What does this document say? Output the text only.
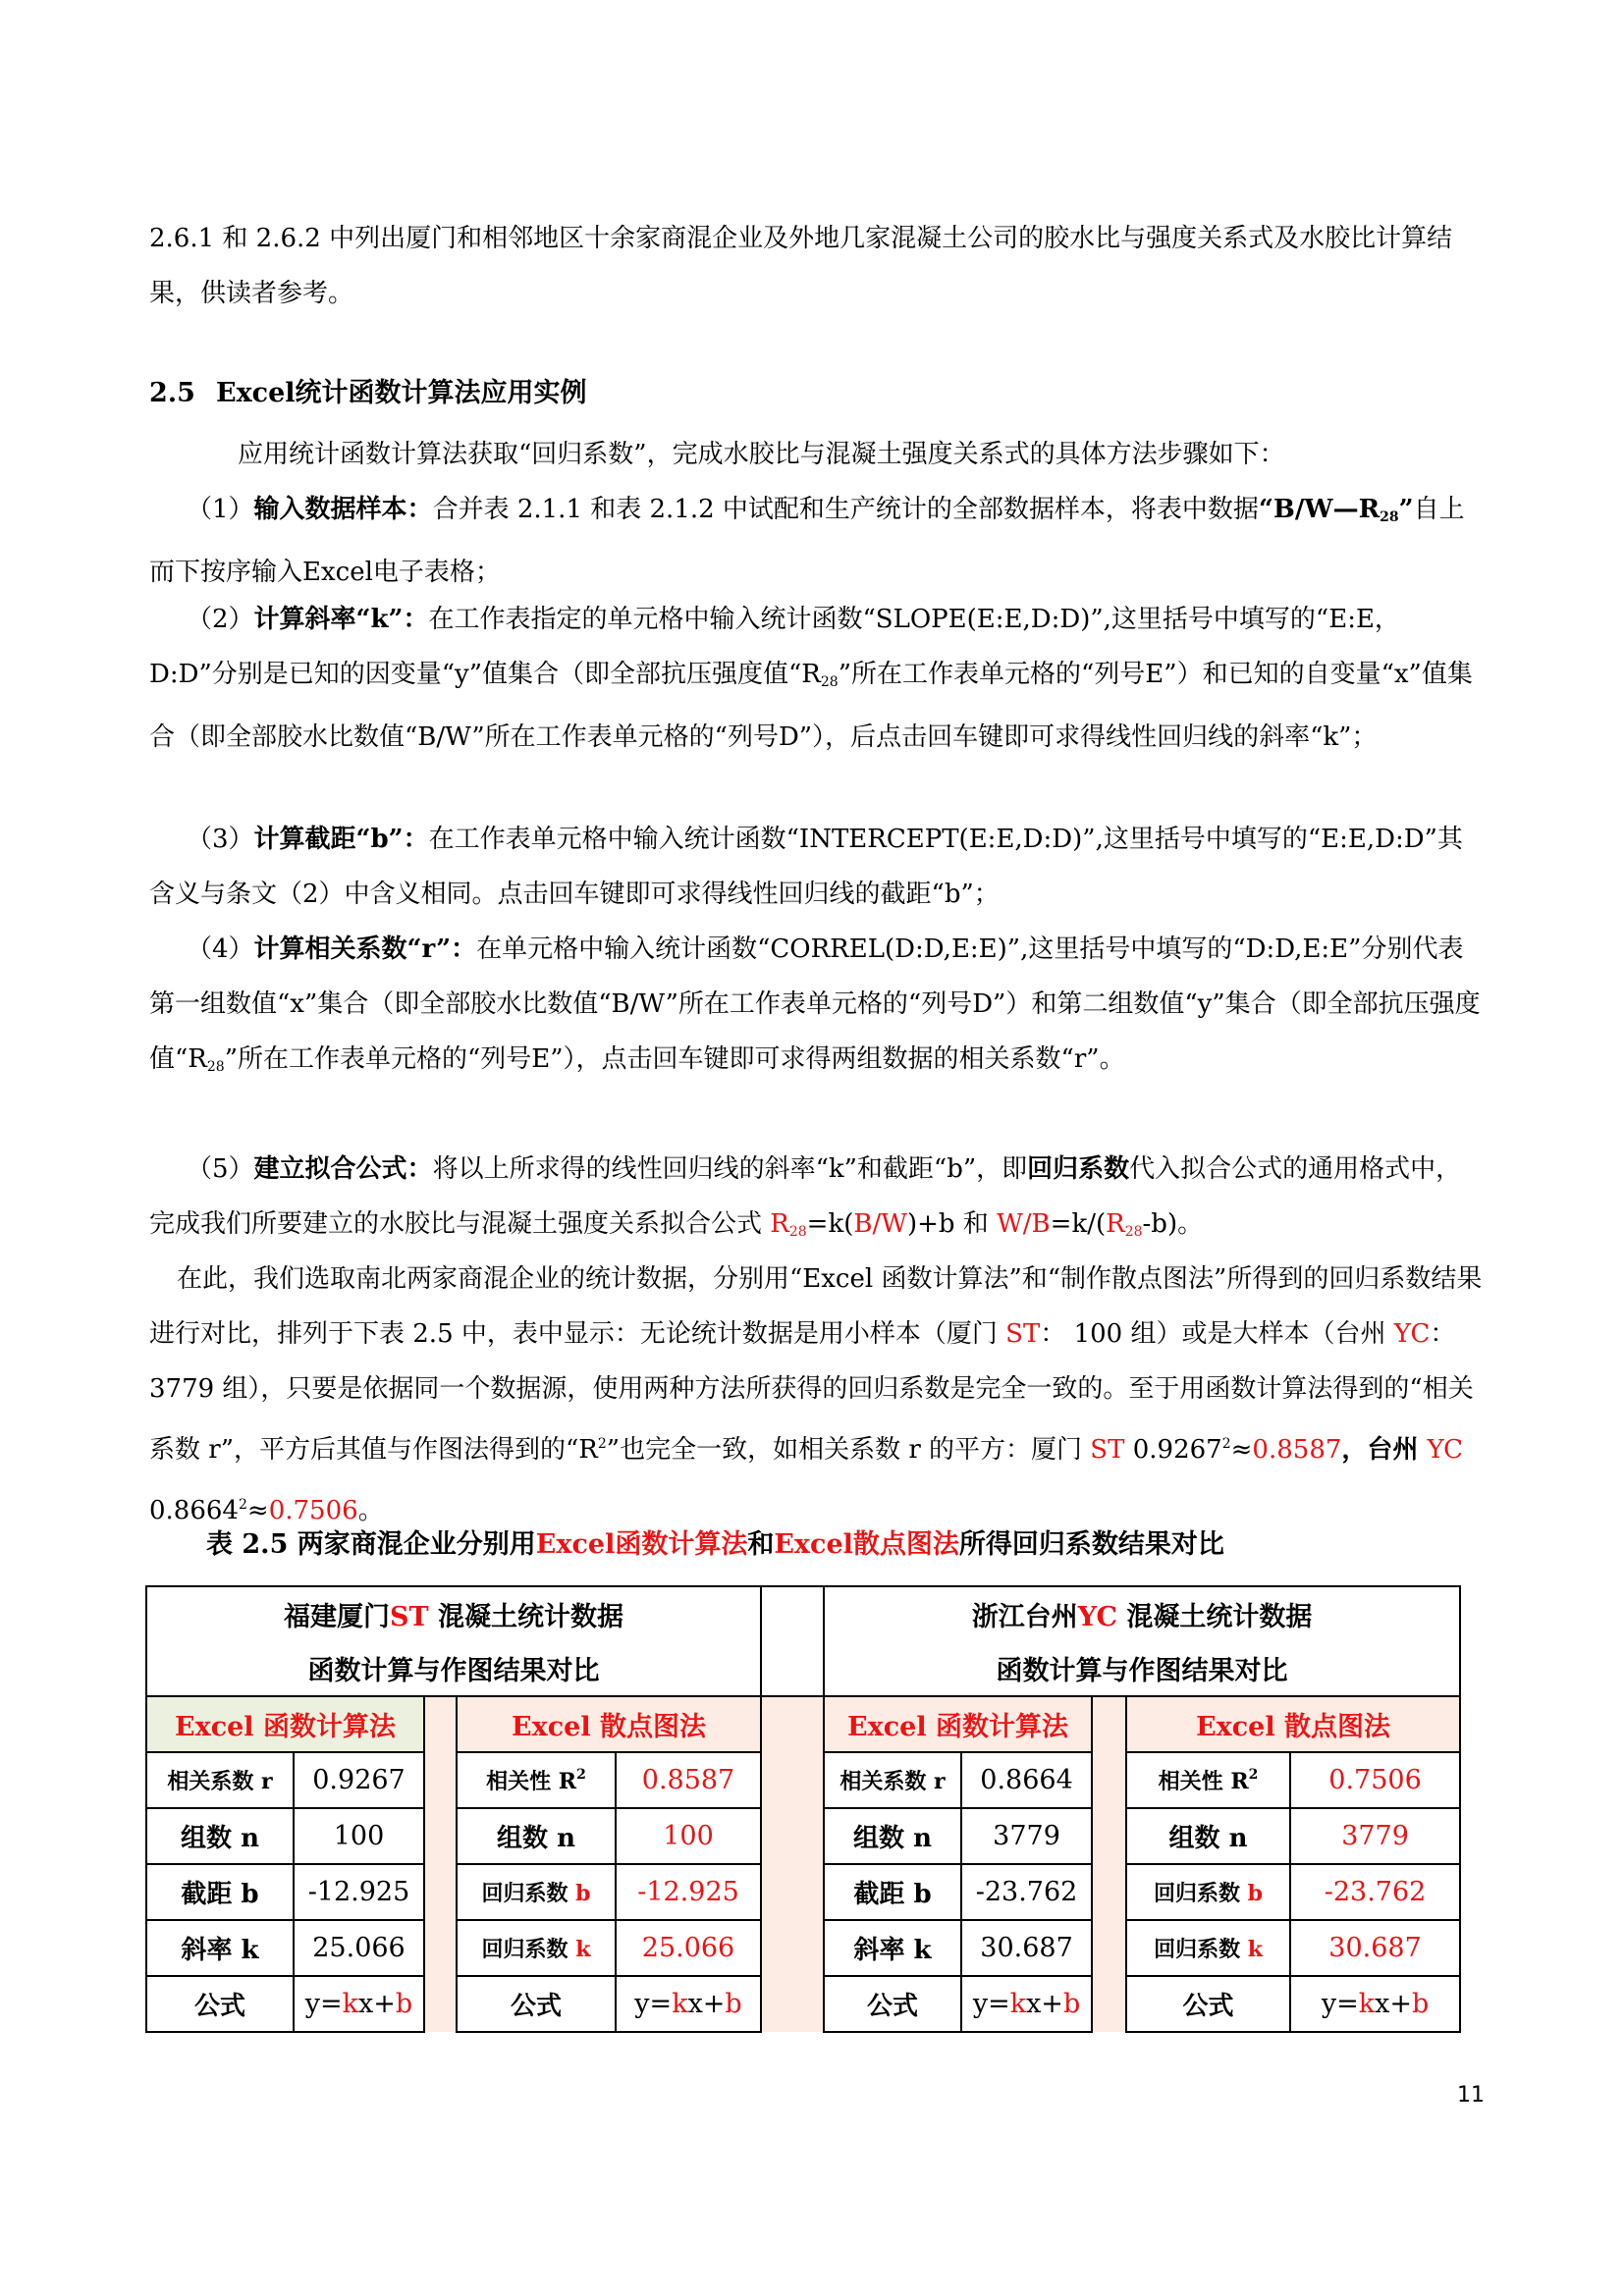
2.6.1 和 2.6.2 中列出厦门和相邻地区十余家商混企业及外地几家混凝土公司的胶水比与强度关系式及水胶比计算结果，供读者参考。

2.5 Excel统计函数计算法应用实例

应用统计函数计算法获取“回归系数”，完成水胶比与混凝土强度关系式的具体方法步骤如下：

（1）输入数据样本：合并表 2.1.1 和表 2.1.2 中试配和生产统计的全部数据样本，将表中数据“$B/W—R_{28}$”自上而下按序输入Excel电子表格；

（2）计算斜率“k”：在工作表指定的单元格中输入统计函数“SLOPE(E:E,D:D)”,这里括号中填写的“E:E，D:D”分别是已知的因变量“y”值集合（即全部抗压强度值“$R_{28}$”所在工作表单元格的“列号E”）和已知的自变量“x”值集合（即全部胶水比数值“B/W”所在工作表单元格的“列号D”），后点击回车键即可求得线性回归线的斜率“k”；

（3）计算截距“b”：在工作表单元格中输入统计函数“INTERCEPT(E:E,D:D)”,这里括号中填写的“E:E,D:D”其含义与条文（2）中含义相同。点击回车键即可求得线性回归线的截距“b”；

（4）计算相关系数“r”：在单元格中输入统计函数“CORREL(D:D,E:E)”,这里括号中填写的“D:D,E:E”分别代表第一组数值“x”集合（即全部胶水比数值“B/W”所在工作表单元格的“列号D”）和第二组数值“y”集合（即全部抗压强度值“$R_{28}$”所在工作表单元格的“列号E”），点击回车键即可求得两组数据的相关系数“r”。

（5）建立拟合公式：将以上所求得的线性回归线的斜率“k”和截距“b”，即回归系数代入拟合公式的通用格式中，完成我们所要建立的水胶比与混凝土强度关系拟合公式 $R_{28}=k(B/W)+b$ 和 $W/B=k/(R_{28}-b)$。

在此，我们选取南北两家商混企业的统计数据，分别用“Excel 函数计算法”和“制作散点图法”所得到的回归系数结果进行对比，排列于下表 2.5 中，表中显示：无论统计数据是用小样本（厦门 ST： 100 组）或是大样本（台州 YC： 3779 组），只要是依据同一个数据源，使用两种方法所获得的回归系数是完全一致的。至于用函数计算法得到的“相关系数 r”，平方后其值与作图法得到的“$R^2$”也完全一致，如相关系数 r 的平方：厦门 ST $0.9267^2\approx 0.8587$，台州 YC $0.8664^2\approx 0.7506$。

表 2.5 两家商混企业分别用Excel函数计算法和Excel散点图法所得回归系数结果对比
福建厦门ST 混凝土统计数据						浙江台州YC 混凝土统计数据				
函数计算与作图结果对比						函数计算与作图结果对比				
Excel 函数计算法			Excel 散点图法			Excel 函数计算法			Excel 散点图法	
相关系数 r	0.9267		相关性 $R^2$	0.8587		相关系数 r	0.8664		相关性 $R^2$	0.7506
组数 n	100		组数 n	100		组数 n	3779		组数 n	3779
截距 b	-12.925		回归系数 b	-12.925		截距 b	-23.762		回归系数 b	-23.762
斜率 k	25.066		回归系数 k	25.066		斜率 k	30.687		回归系数 k	30.687
公式	y=kx+b		公式	y=kx+b		公式	y=kx+b		公式	y=kx+b
11
